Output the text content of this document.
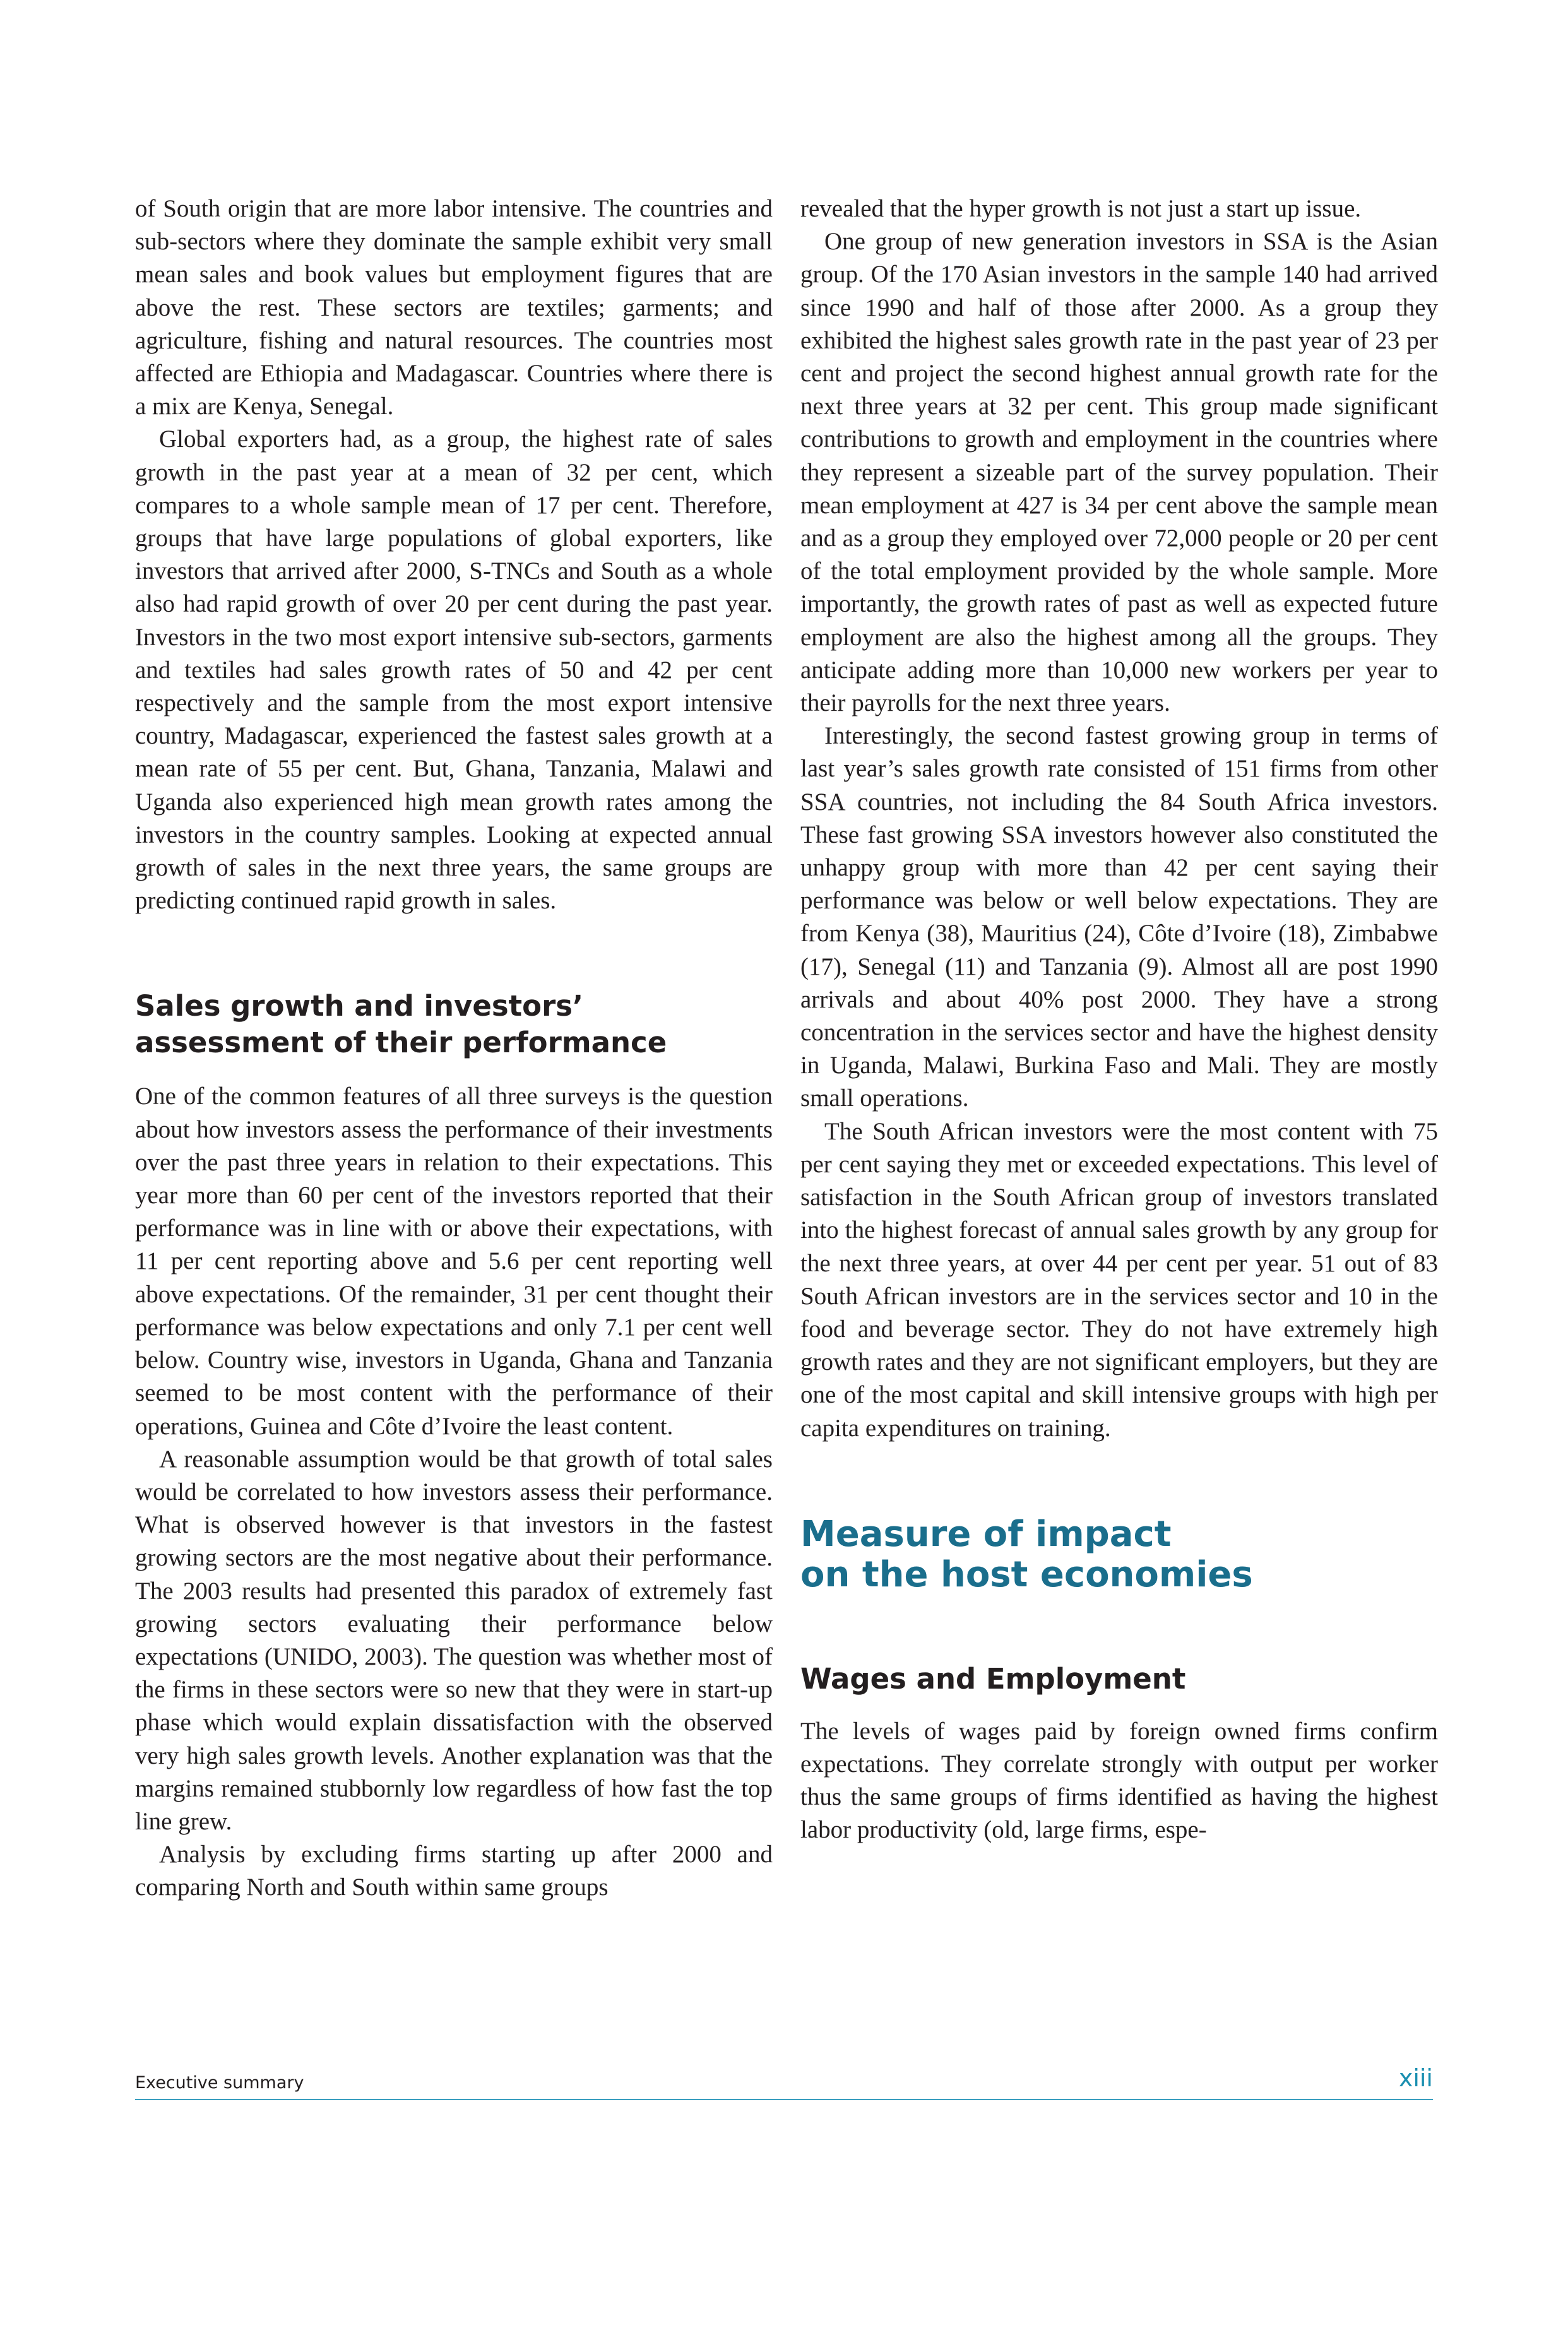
of South origin that are more labor intensive. The countries and sub-sectors where they dominate the sample exhibit very small mean sales and book values but employment figures that are above the rest. These sectors are textiles; garments; and agriculture, fishing and natural resources. The countries most affected are Ethiopia and Madagascar. Countries where there is a mix are Kenya, Senegal.

Global exporters had, as a group, the highest rate of sales growth in the past year at a mean of 32 per cent, which compares to a whole sample mean of 17 per cent. Therefore, groups that have large populations of global exporters, like investors that arrived after 2000, S-TNCs and South as a whole also had rapid growth of over 20 per cent during the past year. Investors in the two most export intensive sub-sectors, garments and textiles had sales growth rates of 50 and 42 per cent respectively and the sample from the most export intensive country, Madagascar, experienced the fastest sales growth at a mean rate of 55 per cent. But, Ghana, Tanzania, Malawi and Uganda also experienced high mean growth rates among the investors in the country samples. Looking at expected annual growth of sales in the next three years, the same groups are predicting continued rapid growth in sales.

Sales growth and investors’ assessment of their performance

One of the common features of all three surveys is the question about how investors assess the performance of their investments over the past three years in relation to their expectations. This year more than 60 per cent of the investors reported that their performance was in line with or above their expectations, with 11 per cent reporting above and 5.6 per cent reporting well above expectations. Of the remainder, 31 per cent thought their performance was below expectations and only 7.1 per cent well below. Country wise, investors in Uganda, Ghana and Tanzania seemed to be most content with the performance of their operations, Guinea and Côte d’Ivoire the least content.

A reasonable assumption would be that growth of total sales would be correlated to how investors assess their performance. What is observed however is that investors in the fastest growing sectors are the most negative about their performance. The 2003 results had presented this paradox of extremely fast growing sectors evaluating their performance below expectations (UNIDO, 2003). The question was whether most of the firms in these sectors were so new that they were in start-up phase which would explain dissatisfaction with the observed very high sales growth levels. Another explanation was that the margins remained stubbornly low regardless of how fast the top line grew.

Analysis by excluding firms starting up after 2000 and comparing North and South within same groups

revealed that the hyper growth is not just a start up issue.

One group of new generation investors in SSA is the Asian group. Of the 170 Asian investors in the sample 140 had arrived since 1990 and half of those after 2000. As a group they exhibited the highest sales growth rate in the past year of 23 per cent and project the second highest annual growth rate for the next three years at 32 per cent. This group made significant contributions to growth and employment in the countries where they represent a sizeable part of the survey population. Their mean employment at 427 is 34 per cent above the sample mean and as a group they employed over 72,000 people or 20 per cent of the total employment provided by the whole sample. More importantly, the growth rates of past as well as expected future employment are also the highest among all the groups. They anticipate adding more than 10,000 new workers per year to their payrolls for the next three years.

Interestingly, the second fastest growing group in terms of last year’s sales growth rate consisted of 151 firms from other SSA countries, not including the 84 South Africa investors. These fast growing SSA investors however also constituted the unhappy group with more than 42 per cent saying their performance was below or well below expectations. They are from Kenya (38), Mauritius (24), Côte d’Ivoire (18), Zimbabwe (17), Senegal (11) and Tanzania (9). Almost all are post 1990 arrivals and about 40% post 2000. They have a strong concentration in the services sector and have the highest density in Uganda, Malawi, Burkina Faso and Mali. They are mostly small operations.

The South African investors were the most content with 75 per cent saying they met or exceeded expectations. This level of satisfaction in the South African group of investors translated into the highest forecast of annual sales growth by any group for the next three years, at over 44 per cent per year. 51 out of 83 South African investors are in the services sector and 10 in the food and beverage sector. They do not have extremely high growth rates and they are not significant employers, but they are one of the most capital and skill intensive groups with high per capita expenditures on training.

Measure of impact
on the host economies
Wages and Employment

The levels of wages paid by foreign owned firms confirm expectations. They correlate strongly with output per worker thus the same groups of firms identified as having the highest labor productivity (old, large firms, espe-

Executive summary	xiii
